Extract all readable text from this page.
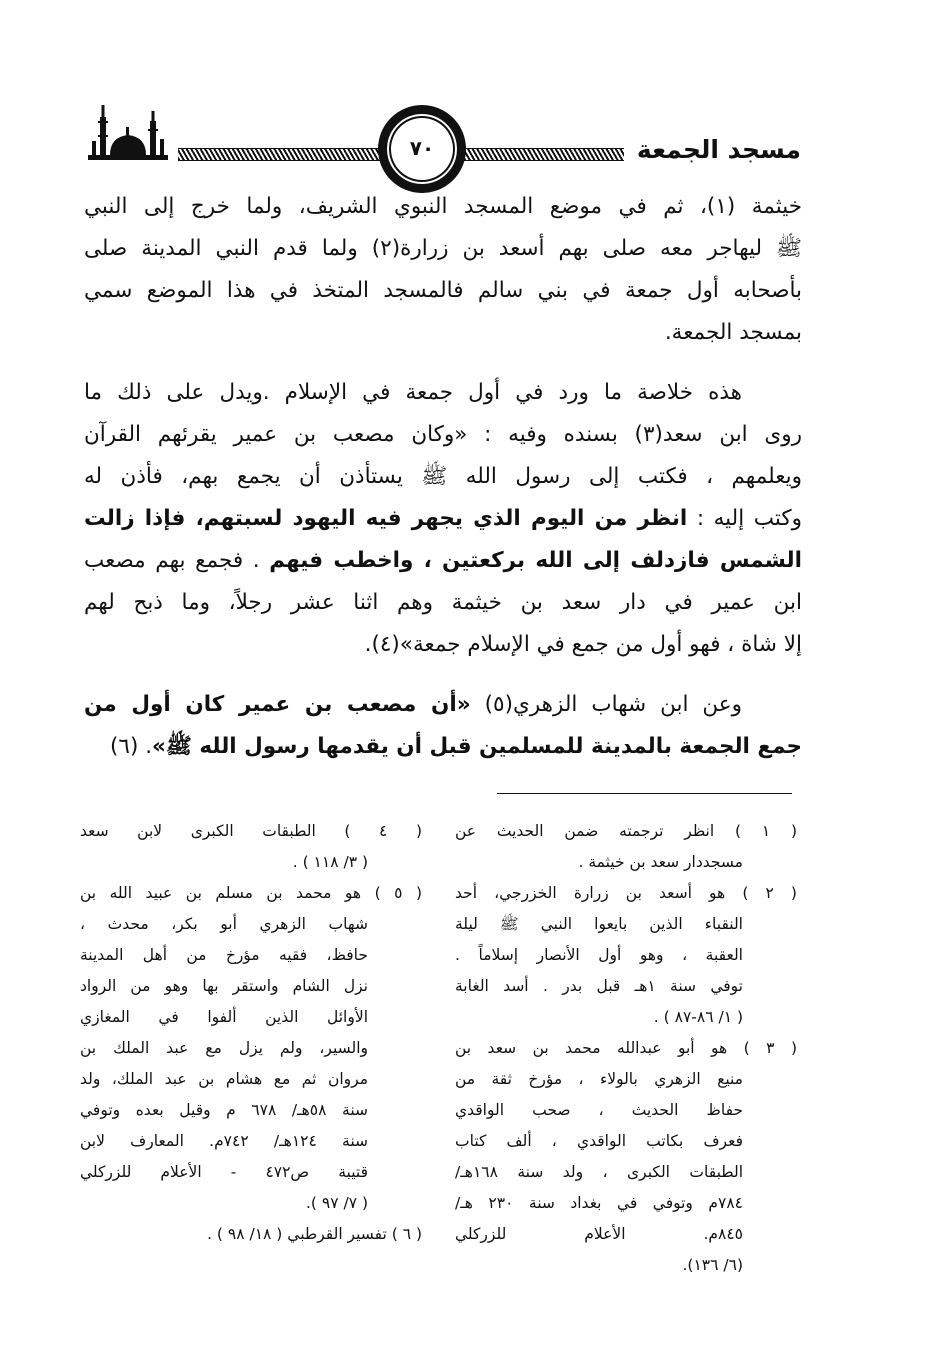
٧٠	مسجد الجمعة
خيثمة (١)، ثم في موضع المسجد النبوي الشريف، ولما خرج إلى النبي
ﷺ ليهاجر معه صلى بهم أسعد بن زرارة(٢) ولما قدم النبي المدينة صلى
بأصحابه أول جمعة في بني سالم فالمسجد المتخذ في هذا الموضع سمي
بمسجد الجمعة.
هذه خلاصة ما ورد في أول جمعة في الإسلام .ويدل على ذلك ما
روى ابن سعد(٣) بسنده وفيه : «وكان مصعب بن عمير يقرئهم القرآن
ويعلمهم ، فكتب إلى رسول الله ﷺ يستأذن أن يجمع بهم، فأذن له
وكتب إليه : انظر من اليوم الذي يجهر فيه اليهود لسبتهم، فإذا زالت
الشمس فازدلف إلى الله بركعتين ، واخطب فيهم . فجمع بهم مصعب
ابن عمير في دار سعد بن خيثمة وهم اثنا عشر رجلاً، وما ذبح لهم
إلا شاة ، فهو أول من جمع في الإسلام جمعة»(٤).
وعن ابن شهاب الزهري(٥) «أن مصعب بن عمير كان أول من
جمع الجمعة بالمدينة للمسلمين قبل أن يقدمها رسول الله ﷺ». (٦)
( ١ ) انظر ترجمته ضمن الحديث عن
مسجددار سعد بن خيثمة .
( ٢ ) هو أسعد بن زرارة الخزرجي، أحد
النقباء الذين بايعوا النبي ﷺ ليلة
العقبة ، وهو أول الأنصار إسلاماً .
توفي سنة ١هـ قبل بدر . أسد الغابة
( ١/ ٨٦-٨٧ ) .
( ٣ ) هو أبو عبدالله محمد بن سعد بن
منيع الزهري بالولاء ، مؤرخ ثقة من
حفاظ الحديث ، صحب الواقدي
فعرف بكاتب الواقدي ، ألف كتاب
الطبقات الكبرى ، ولد سنة ١٦٨هـ/
٧٨٤م وتوفي في بغداد سنة ٢٣٠ هـ/
٨٤٥م. الأعلام للزركلي
(٦/ ١٣٦).
( ٤ ) الطبقات الكبرى لابن سعد
( ٣/ ١١٨ ) .
( ٥ ) هو محمد بن مسلم بن عبيد الله بن
شهاب الزهري أبو بكر، محدث ،
حافظ، فقيه مؤرخ من أهل المدينة
نزل الشام واستقر بها وهو من الرواد
الأوائل الذين ألفوا في المغازي
والسير، ولم يزل مع عبد الملك بن
مروان ثم مع هشام بن عبد الملك، ولد
سنة ٥٨هـ/ ٦٧٨ م وقيل بعده وتوفي
سنة ١٢٤هـ/ ٧٤٢م. المعارف لابن
قتيبة ص٤٧٢ - الأعلام للزركلي
( ٧/ ٩٧ ).
( ٦ ) تفسير القرطبي ( ١٨/ ٩٨ ) .
